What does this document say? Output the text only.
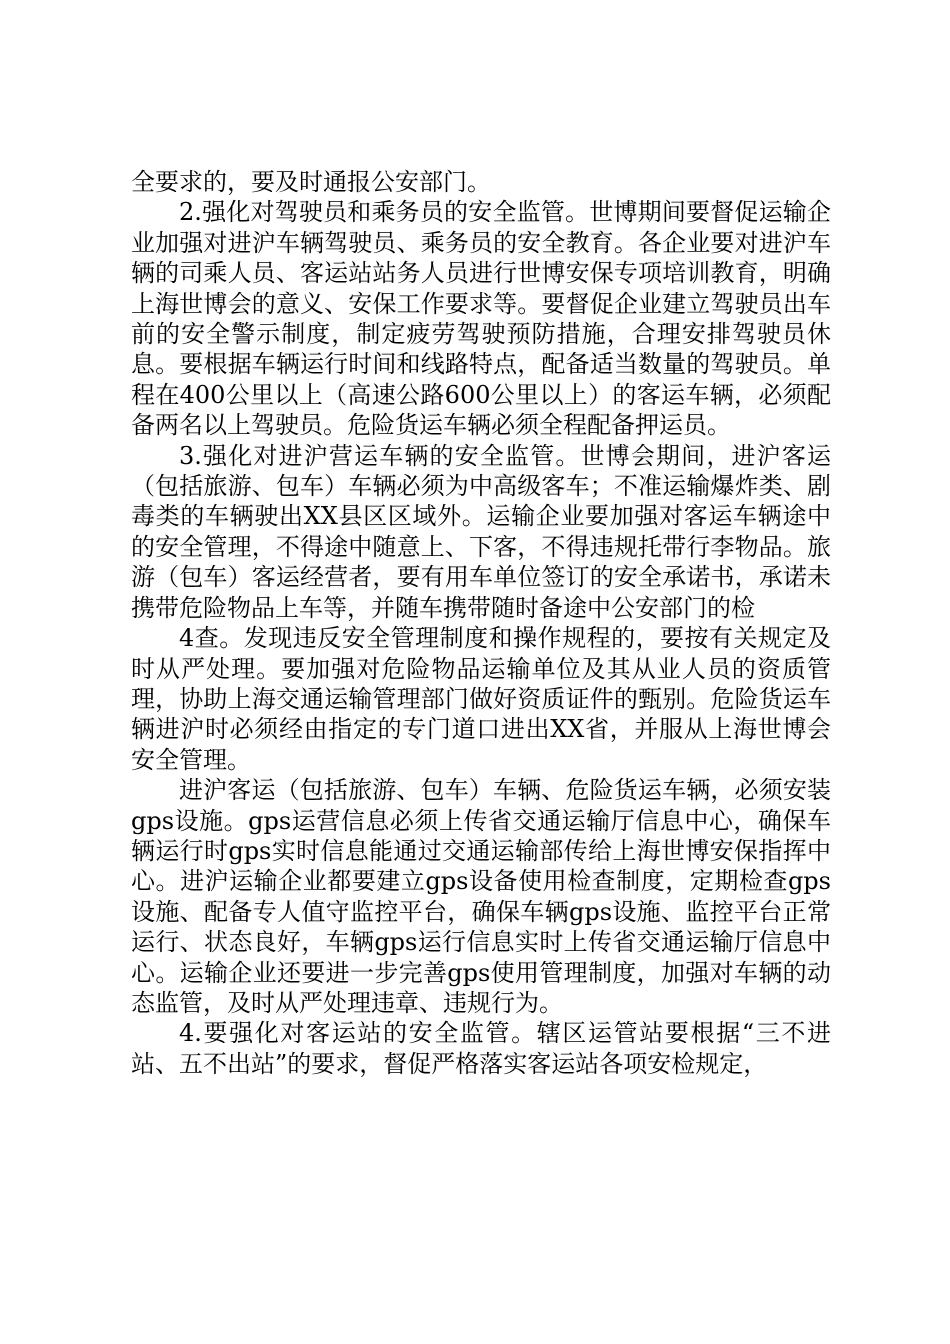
全要求的，要及时通报公安部门。

2.强化对驾驶员和乘务员的安全监管。世博期间要督促运输企业加强对进沪车辆驾驶员、乘务员的安全教育。各企业要对进沪车辆的司乘人员、客运站站务人员进行世博安保专项培训教育，明确上海世博会的意义、安保工作要求等。要督促企业建立驾驶员出车前的安全警示制度，制定疲劳驾驶预防措施，合理安排驾驶员休息。要根据车辆运行时间和线路特点，配备适当数量的驾驶员。单程在400公里以上（高速公路600公里以上）的客运车辆，必须配备两名以上驾驶员。危险货运车辆必须全程配备押运员。

3.强化对进沪营运车辆的安全监管。世博会期间，进沪客运（包括旅游、包车）车辆必须为中高级客车；不准运输爆炸类、剧毒类的车辆驶出XX县区区域外。运输企业要加强对客运车辆途中的安全管理，不得途中随意上、下客，不得违规托带行李物品。旅游（包车）客运经营者，要有用车单位签订的安全承诺书，承诺未携带危险物品上车等，并随车携带随时备途中公安部门的检

4查。发现违反安全管理制度和操作规程的，要按有关规定及时从严处理。要加强对危险物品运输单位及其从业人员的资质管理，协助上海交通运输管理部门做好资质证件的甄别。危险货运车辆进沪时必须经由指定的专门道口进出XX省，并服从上海世博会安全管理。

进沪客运（包括旅游、包车）车辆、危险货运车辆，必须安装gps设施。gps运营信息必须上传省交通运输厅信息中心，确保车辆运行时gps实时信息能通过交通运输部传给上海世博安保指挥中心。进沪运输企业都要建立gps设备使用检查制度，定期检查gps设施、配备专人值守监控平台，确保车辆gps设施、监控平台正常运行、状态良好，车辆gps运行信息实时上传省交通运输厅信息中心。运输企业还要进一步完善gps使用管理制度，加强对车辆的动态监管，及时从严处理违章、违规行为。

4.要强化对客运站的安全监管。辖区运管站要根据“三不进站、五不出站”的要求，督促严格落实客运站各项安检规定，
